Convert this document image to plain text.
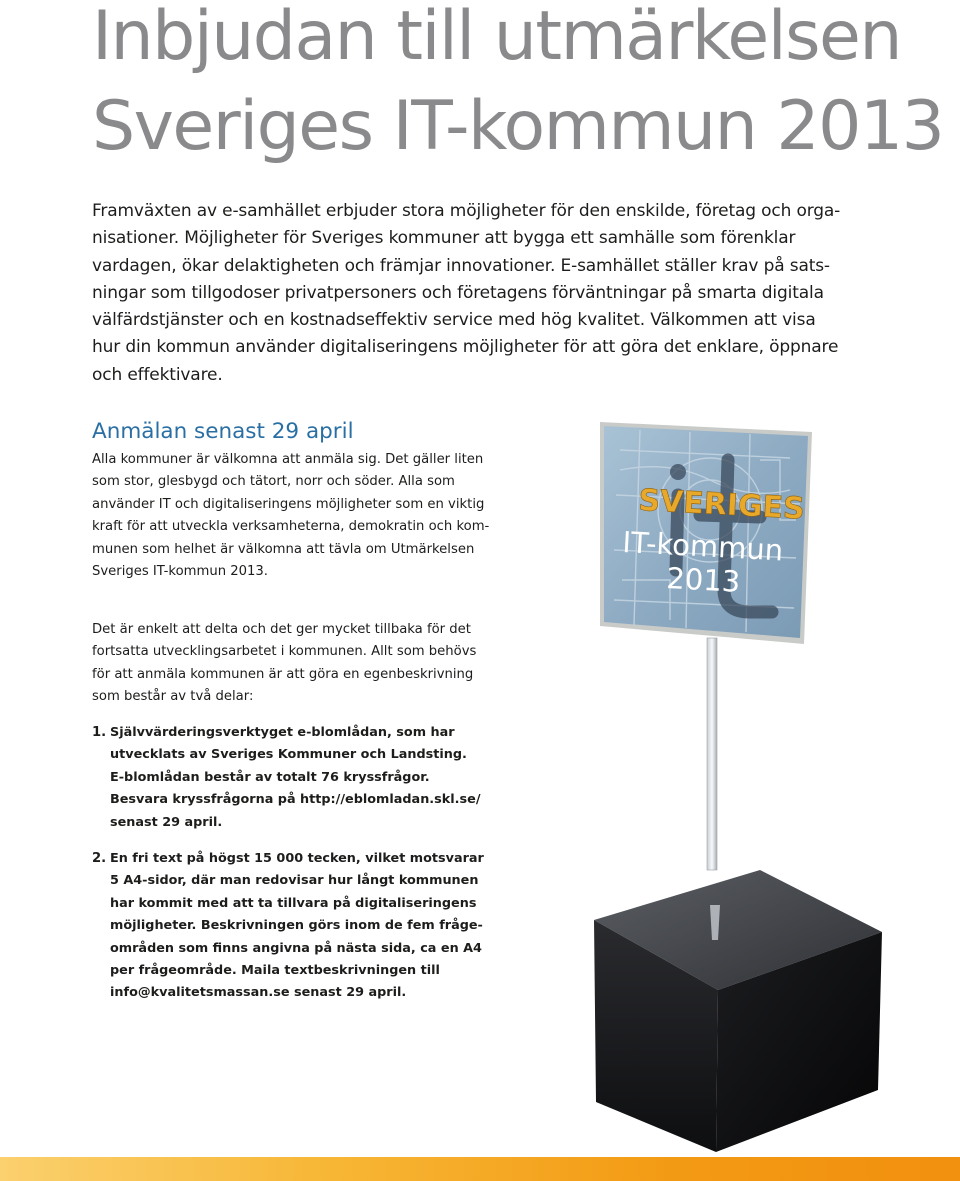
Inbjudan till utmärkelsen
Sveriges IT-kommun 2013

Framväxten av e-samhället erbjuder stora möjligheter för den enskilde, företag och orga-
nisationer. Möjligheter för Sveriges kommuner att bygga ett samhälle som förenklar
vardagen, ökar delaktigheten och främjar innovationer. E-samhället ställer krav på sats-
ningar som tillgodoser privatpersoners och företagens förväntningar på smarta digitala
välfärdstjänster och en kostnadseffektiv service med hög kvalitet. Välkommen att visa
hur din kommun använder digitaliseringens möjligheter för att göra det enklare, öppnare
och effektivare.

Anmälan senast 29 april

Alla kommuner är välkomna att anmäla sig. Det gäller liten
som stor, glesbygd och tätort, norr och söder. Alla som
använder IT och digitaliseringens möjligheter som en viktig
kraft för att utveckla verksamheterna, demokratin och kom-
munen som helhet är välkomna att tävla om Utmärkelsen
Sveriges IT-kommun 2013.

Det är enkelt att delta och det ger mycket tillbaka för det
fortsatta utvecklingsarbetet i kommunen. Allt som behövs
för att anmäla kommunen är att göra en egenbeskrivning
som består av två delar:

1. Självvärderingsverktyget e-blomlådan, som har
utvecklats av Sveriges Kommuner och Landsting.
E-blomlådan består av totalt 76 kryssfrågor.
Besvara kryssfrågorna på http://eblomladan.skl.se/
senast 29 april.
2. En fri text på högst 15 000 tecken, vilket motsvarar
5 A4-sidor, där man redovisar hur långt kommunen
har kommit med att ta tillvara på digitaliseringens
möjligheter. Beskrivningen görs inom de fem fråge-
områden som finns angivna på nästa sida, ca en A4
per frågeområde. Maila textbeskrivningen till
info@kvalitetsmassan.se senast 29 april.
SVERIGES
IT-kommun
2013
